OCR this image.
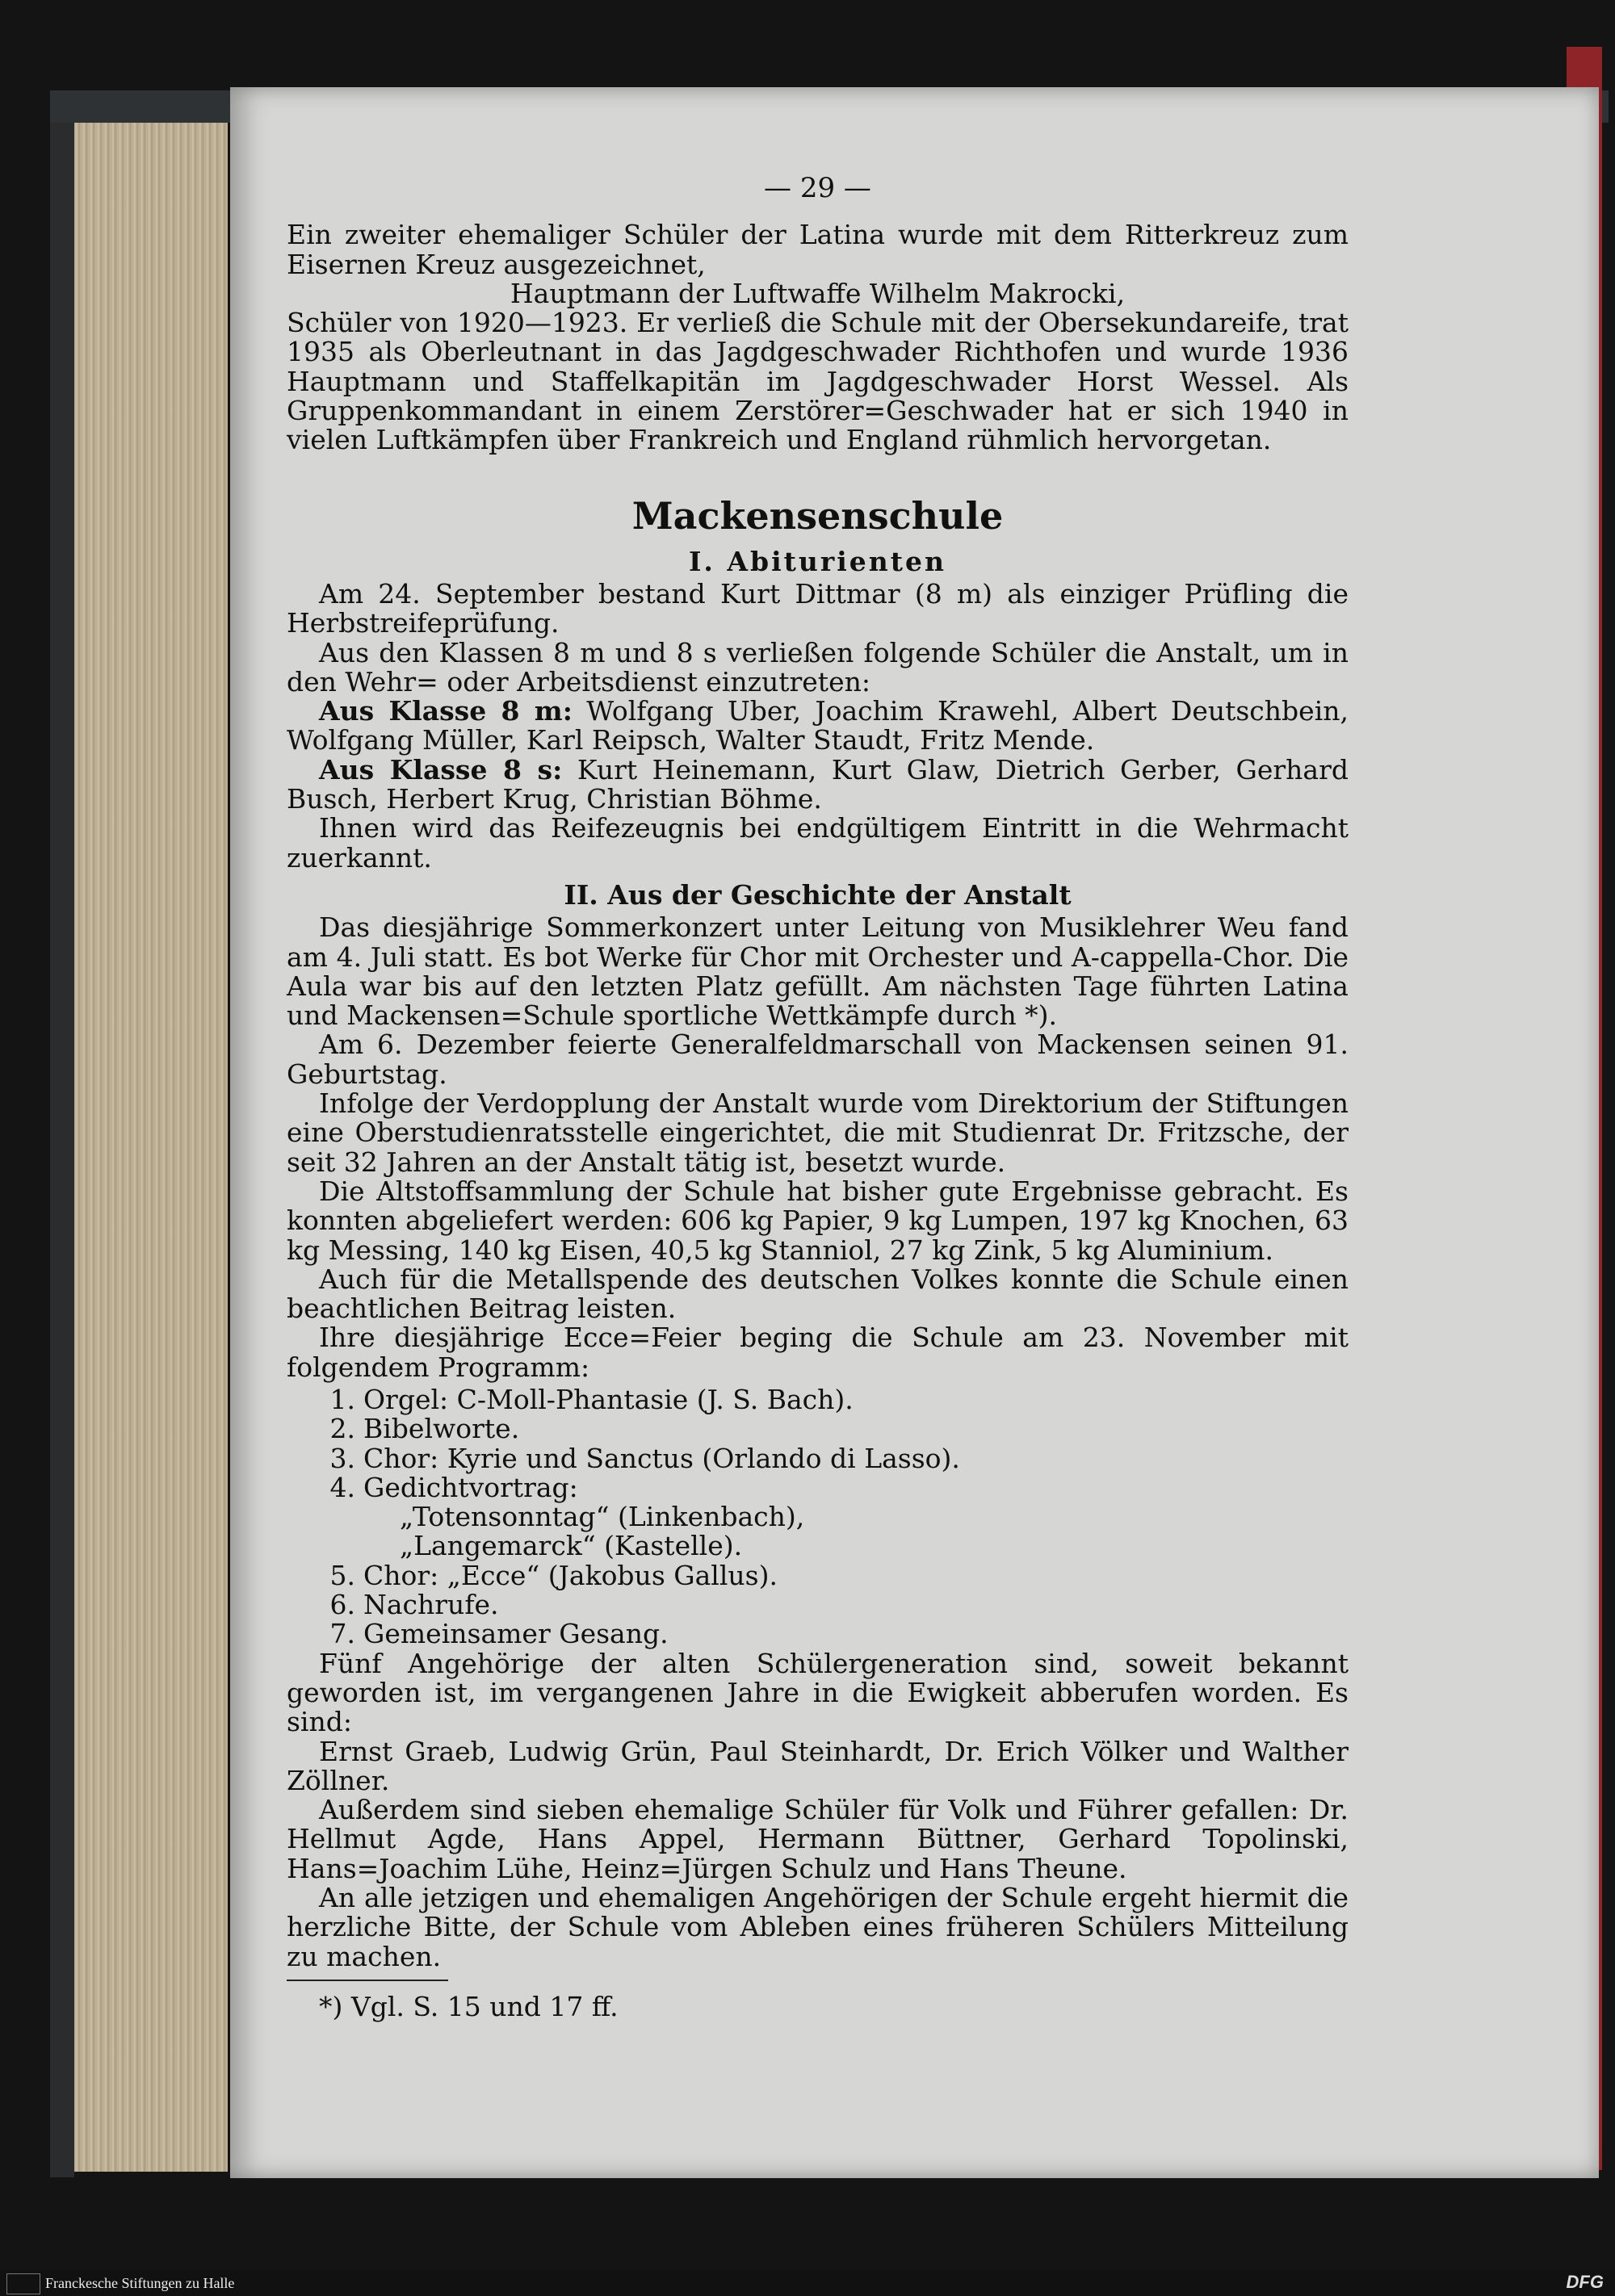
— 29 —

Ein zweiter ehemaliger Schüler der Latina wurde mit dem Ritterkreuz zum Eisernen Kreuz ausgezeichnet,

Hauptmann der Luftwaffe Wilhelm Makrocki,

Schüler von 1920—1923. Er verließ die Schule mit der Obersekundareife, trat 1935 als Oberleutnant in das Jagdgeschwader Richthofen und wurde 1936 Hauptmann und Staffelkapitän im Jagdgeschwader Horst Wessel. Als Gruppenkommandant in einem Zerstörer=Geschwader hat er sich 1940 in vielen Luftkämpfen über Frankreich und England rühmlich hervorgetan.

Mackensenschule
I. Abiturienten

Am 24. September bestand Kurt Dittmar (8 m) als einziger Prüfling die Herbstreifeprüfung.

Aus den Klassen 8 m und 8 s verließen folgende Schüler die Anstalt, um in den Wehr= oder Arbeitsdienst einzutreten:

Aus Klasse 8 m: Wolfgang Uber, Joachim Krawehl, Albert Deutschbein, Wolfgang Müller, Karl Reipsch, Walter Staudt, Fritz Mende.

Aus Klasse 8 s: Kurt Heinemann, Kurt Glaw, Dietrich Gerber, Gerhard Busch, Herbert Krug, Christian Böhme.

Ihnen wird das Reifezeugnis bei endgültigem Eintritt in die Wehrmacht zuerkannt.

II. Aus der Geschichte der Anstalt

Das diesjährige Sommerkonzert unter Leitung von Musiklehrer Weu fand am 4. Juli statt. Es bot Werke für Chor mit Orchester und A-cappella-Chor. Die Aula war bis auf den letzten Platz gefüllt. Am nächsten Tage führten Latina und Mackensen=Schule sportliche Wettkämpfe durch *).

Am 6. Dezember feierte Generalfeldmarschall von Mackensen seinen 91. Geburtstag.

Infolge der Verdopplung der Anstalt wurde vom Direktorium der Stiftungen eine Oberstudienratsstelle eingerichtet, die mit Studienrat Dr. Fritzsche, der seit 32 Jahren an der Anstalt tätig ist, besetzt wurde.

Die Altstoffsammlung der Schule hat bisher gute Ergebnisse gebracht. Es konnten abgeliefert werden: 606 kg Papier, 9 kg Lumpen, 197 kg Knochen, 63 kg Messing, 140 kg Eisen, 40,5 kg Stanniol, 27 kg Zink, 5 kg Aluminium.

Auch für die Metallspende des deutschen Volkes konnte die Schule einen beachtlichen Beitrag leisten.

Ihre diesjährige Ecce=Feier beging die Schule am 23. November mit folgendem Programm:

1. Orgel: C-Moll-Phantasie (J. S. Bach).
2. Bibelworte.
3. Chor: Kyrie und Sanctus (Orlando di Lasso).
4. Gedichtvortrag:
„Totensonntag“ (Linkenbach),
„Langemarck“ (Kastelle).
5. Chor: „Ecce“ (Jakobus Gallus).
6. Nachrufe.
7. Gemeinsamer Gesang.

Fünf Angehörige der alten Schülergeneration sind, soweit bekannt geworden ist, im vergangenen Jahre in die Ewigkeit abberufen worden. Es sind:

Ernst Graeb, Ludwig Grün, Paul Steinhardt, Dr. Erich Völker und Walther Zöllner.

Außerdem sind sieben ehemalige Schüler für Volk und Führer gefallen: Dr. Hellmut Agde, Hans Appel, Hermann Büttner, Gerhard Topolinski, Hans=Joachim Lühe, Heinz=Jürgen Schulz und Hans Theune.

An alle jetzigen und ehemaligen Angehörigen der Schule ergeht hiermit die herzliche Bitte, der Schule vom Ableben eines früheren Schülers Mitteilung zu machen.

*) Vgl. S. 15 und 17 ff.

Franckesche Stiftungen zu Halle	DFG
